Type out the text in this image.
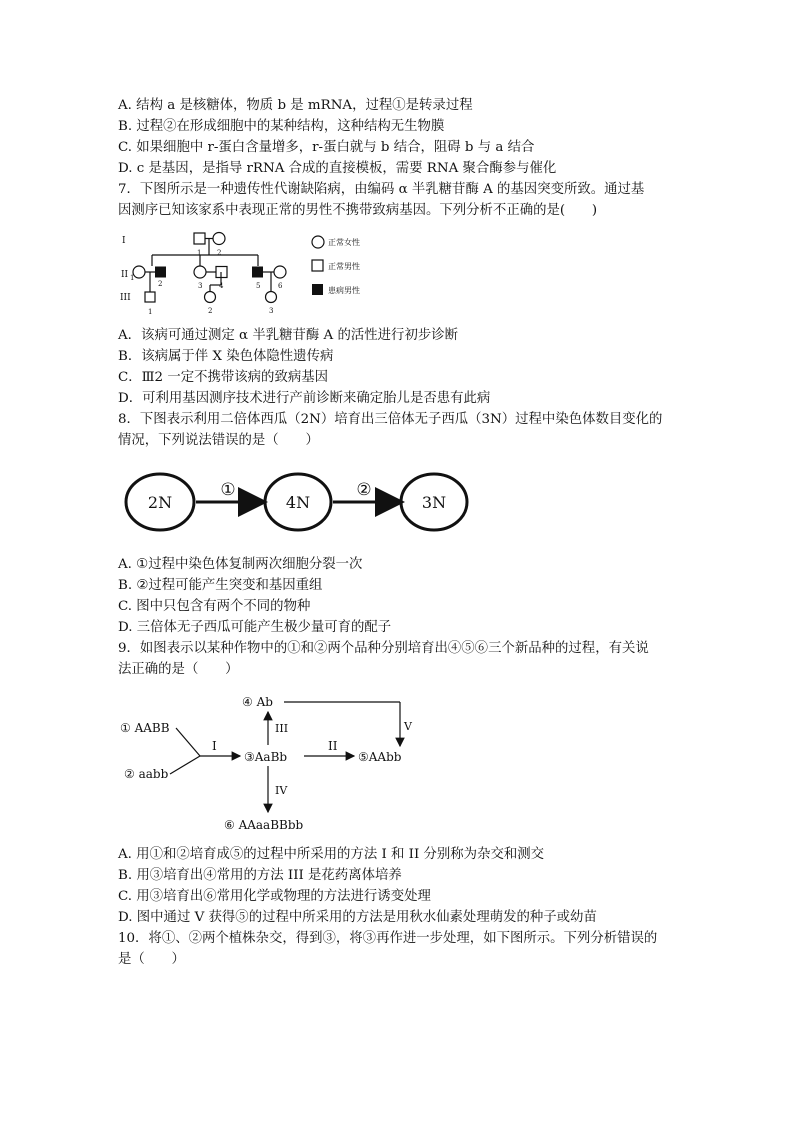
A. 结构 a 是核糖体，物质 b 是 mRNA，过程①是转录过程
B. 过程②在形成细胞中的某种结构，这种结构无生物膜
C. 如果细胞中 r-蛋白含量增多，r-蛋白就与 b 结合，阻碍 b 与 a 结合
D. c 是基因，是指导 rRNA 合成的直接模板，需要 RNA 聚合酶参与催化
7．下图所示是一种遗传性代谢缺陷病，由编码 α 半乳糖苷酶 A 的基因突变所致。通过基
因测序已知该家系中表现正常的男性不携带致病基因。下列分析不正确的是(　　)
I
II
III
1 2
1
2	3 4	5	6
1	2	3
正常女性
正常男性
患病男性
A．该病可通过测定 α 半乳糖苷酶 A 的活性进行初步诊断
B．该病属于伴 X 染色体隐性遗传病
C．Ⅲ2 一定不携带该病的致病基因
D．可利用基因测序技术进行产前诊断来确定胎儿是否患有此病
8．下图表示利用二倍体西瓜（2N）培育出三倍体无子西瓜（3N）过程中染色体数目变化的
情况，下列说法错误的是（　　）
2N
①
4N
②
3N
A. ①过程中染色体复制两次细胞分裂一次
B. ②过程可能产生突变和基因重组
C. 图中只包含有两个不同的物种
D. 三倍体无子西瓜可能产生极少量可育的配子
9．如图表示以某种作物中的①和②两个品种分别培育出④⑤⑥三个新品种的过程，有关说
法正确的是（　　）
① AABB
② aabb
I
③AaBb
II
⑤AAbb
④ Ab
III	V
IV
⑥ AAaaBBbb
A. 用①和②培育成⑤的过程中所采用的方法 I 和 II 分别称为杂交和测交
B. 用③培育出④常用的方法 III 是花药离体培养
C. 用③培育出⑥常用化学或物理的方法进行诱变处理
D. 图中通过 V 获得⑤的过程中所采用的方法是用秋水仙素处理萌发的种子或幼苗
10．将①、②两个植株杂交，得到③，将③再作进一步处理，如下图所示。下列分析错误的
是（　　）
